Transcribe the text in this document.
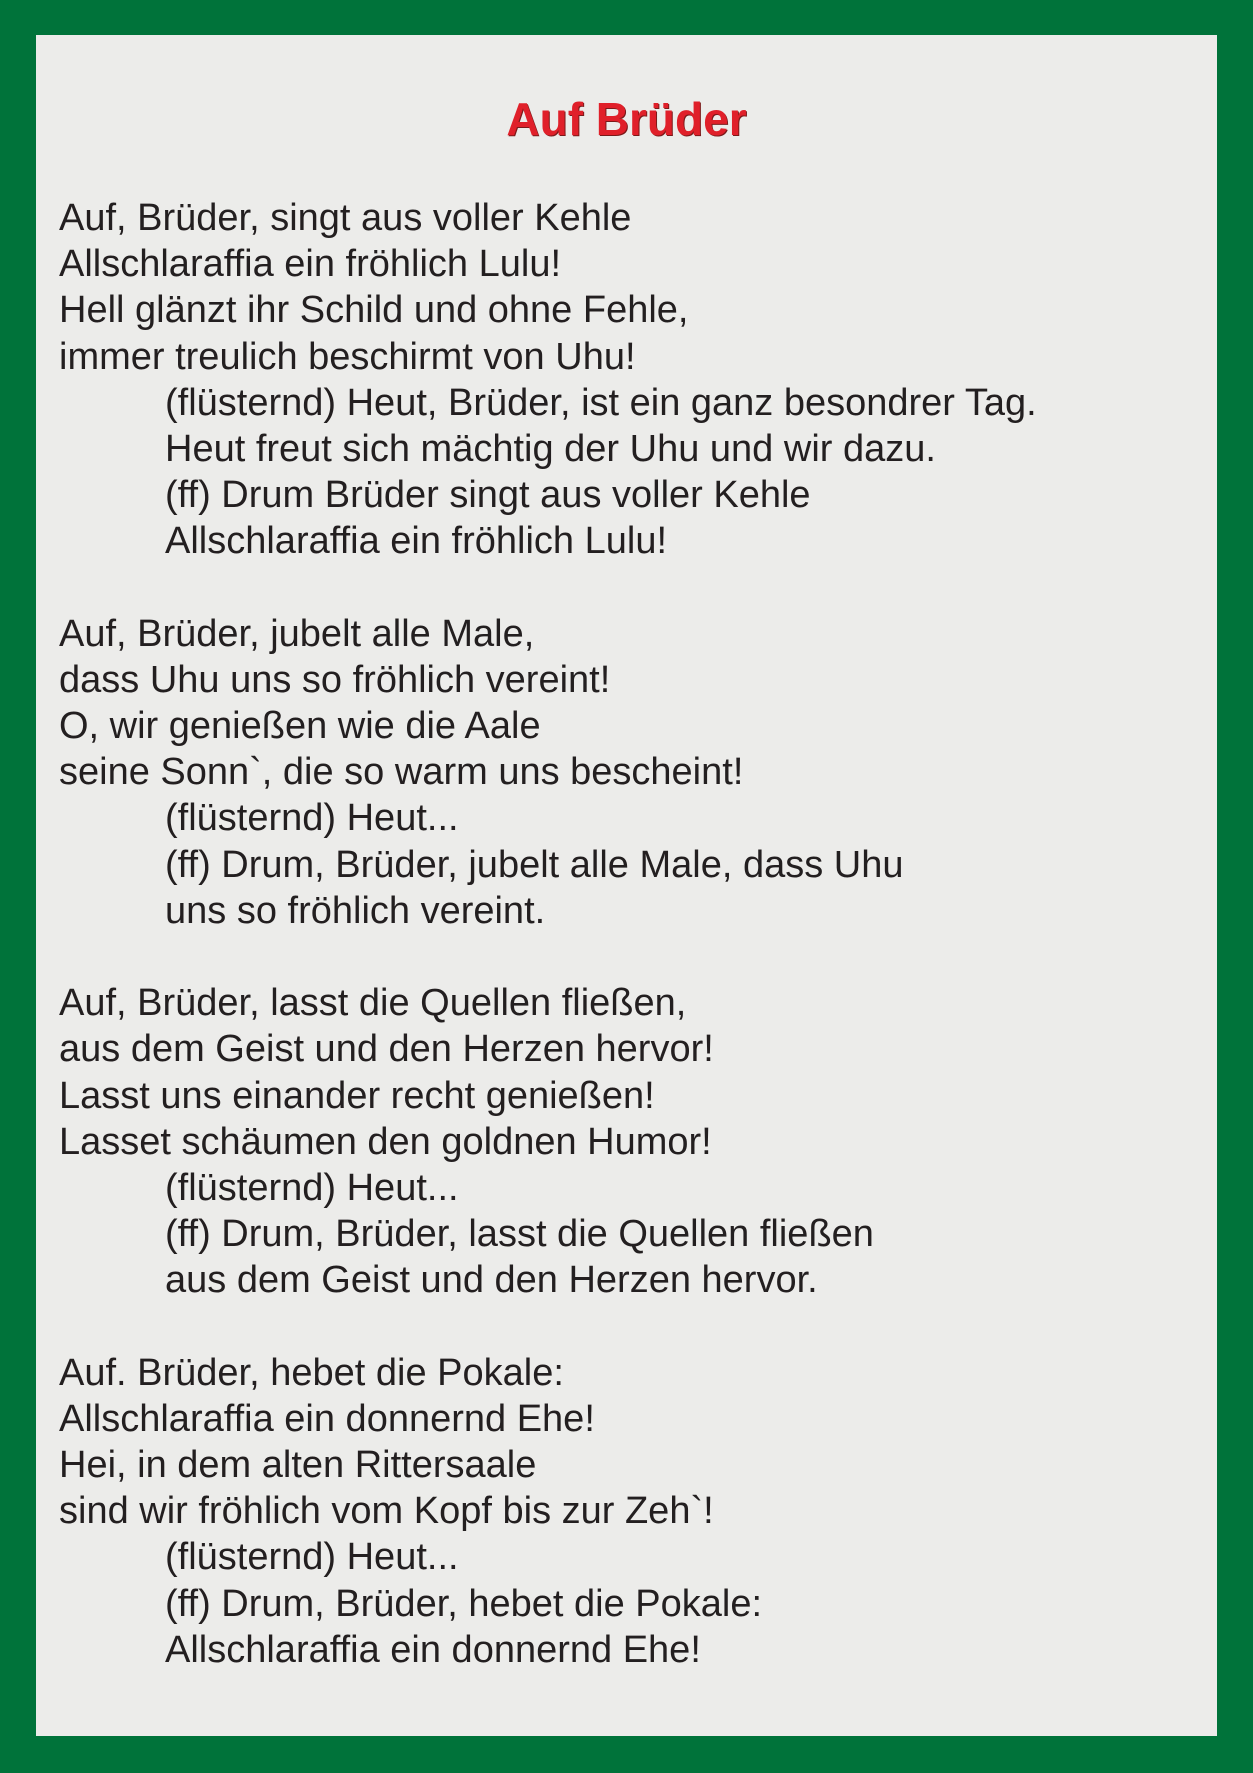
Auf Brüder
Auf, Brüder, singt aus voller Kehle
Allschlaraffia ein fröhlich Lulu!
Hell glänzt ihr Schild und ohne Fehle,
immer treulich beschirmt von Uhu!
(flüsternd) Heut, Brüder, ist ein ganz besondrer Tag.
Heut freut sich mächtig der Uhu und wir dazu.
(ff) Drum Brüder singt aus voller Kehle
Allschlaraffia ein fröhlich Lulu!
Auf, Brüder, jubelt alle Male,
dass Uhu uns so fröhlich vereint!
O, wir genießen wie die Aale
seine Sonn`, die so warm uns bescheint!
(flüsternd) Heut...
(ff) Drum, Brüder, jubelt alle Male, dass Uhu
uns so fröhlich vereint.
Auf, Brüder, lasst die Quellen fließen,
aus dem Geist und den Herzen hervor!
Lasst uns einander recht genießen!
Lasset schäumen den goldnen Humor!
(flüsternd) Heut...
(ff) Drum, Brüder, lasst die Quellen fließen
aus dem Geist und den Herzen hervor.
Auf. Brüder, hebet die Pokale:
Allschlaraffia ein donnernd Ehe!
Hei, in dem alten Rittersaale
sind wir fröhlich vom Kopf bis zur Zeh`!
(flüsternd) Heut...
(ff) Drum, Brüder, hebet die Pokale:
Allschlaraffia ein donnernd Ehe!
